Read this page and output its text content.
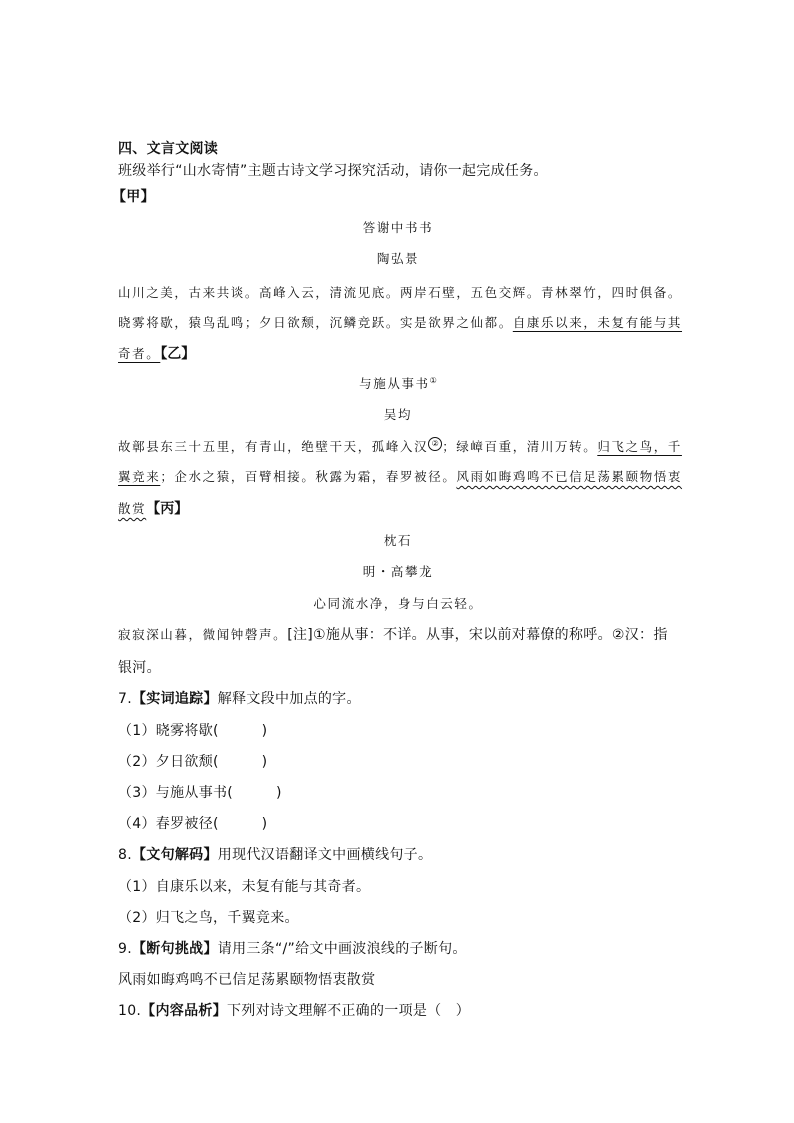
四、文言文阅读
班级举行“山水寄情”主题古诗文学习探究活动，请你一起完成任务。
【甲】
答谢中书书
陶弘景
山川之美，古来共谈。高峰入云，清流见底。两岸石壁，五色交辉。青林翠竹，四时俱备。
晓雾将歇，猿鸟乱鸣；夕日欲颓，沉鳞竞跃。实是欲界之仙都。自康乐以来，未复有能与其
奇者。【乙】
与施从事书①
吴均
故鄣县东三十五里，有青山，绝壁干天，孤峰入汉 ② ；绿嶂百重，清川万转。归飞之鸟，千
翼竞来；企水之猿，百臂相接。秋露为霜，春罗被径。风雨如晦鸡鸣不已信足荡累颐物悟衷
散赏【丙】
枕石
明・高攀龙
心同流水净，身与白云轻。
寂寂深山暮，微闻钟磬声。[注]①施从事：不详。从事，宋以前对幕僚的称呼。②汉：指
银河。
7.【实词追踪】解释文段中加点的字。
（1）晓雾将歇(　　　)
（2）夕日欲颓(　　　)
（3）与施从事书(　　　)
（4）春罗被径(　　　)
8.【文句解码】用现代汉语翻译文中画横线句子。
（1）自康乐以来，未复有能与其奇者。
（2）归飞之鸟，千翼竞来。
9.【断句挑战】请用三条“/”给文中画波浪线的子断句。
风雨如晦鸡鸣不已信足荡累颐物悟衷散赏
10.【内容品析】下列对诗文理解不正确的一项是（　）
